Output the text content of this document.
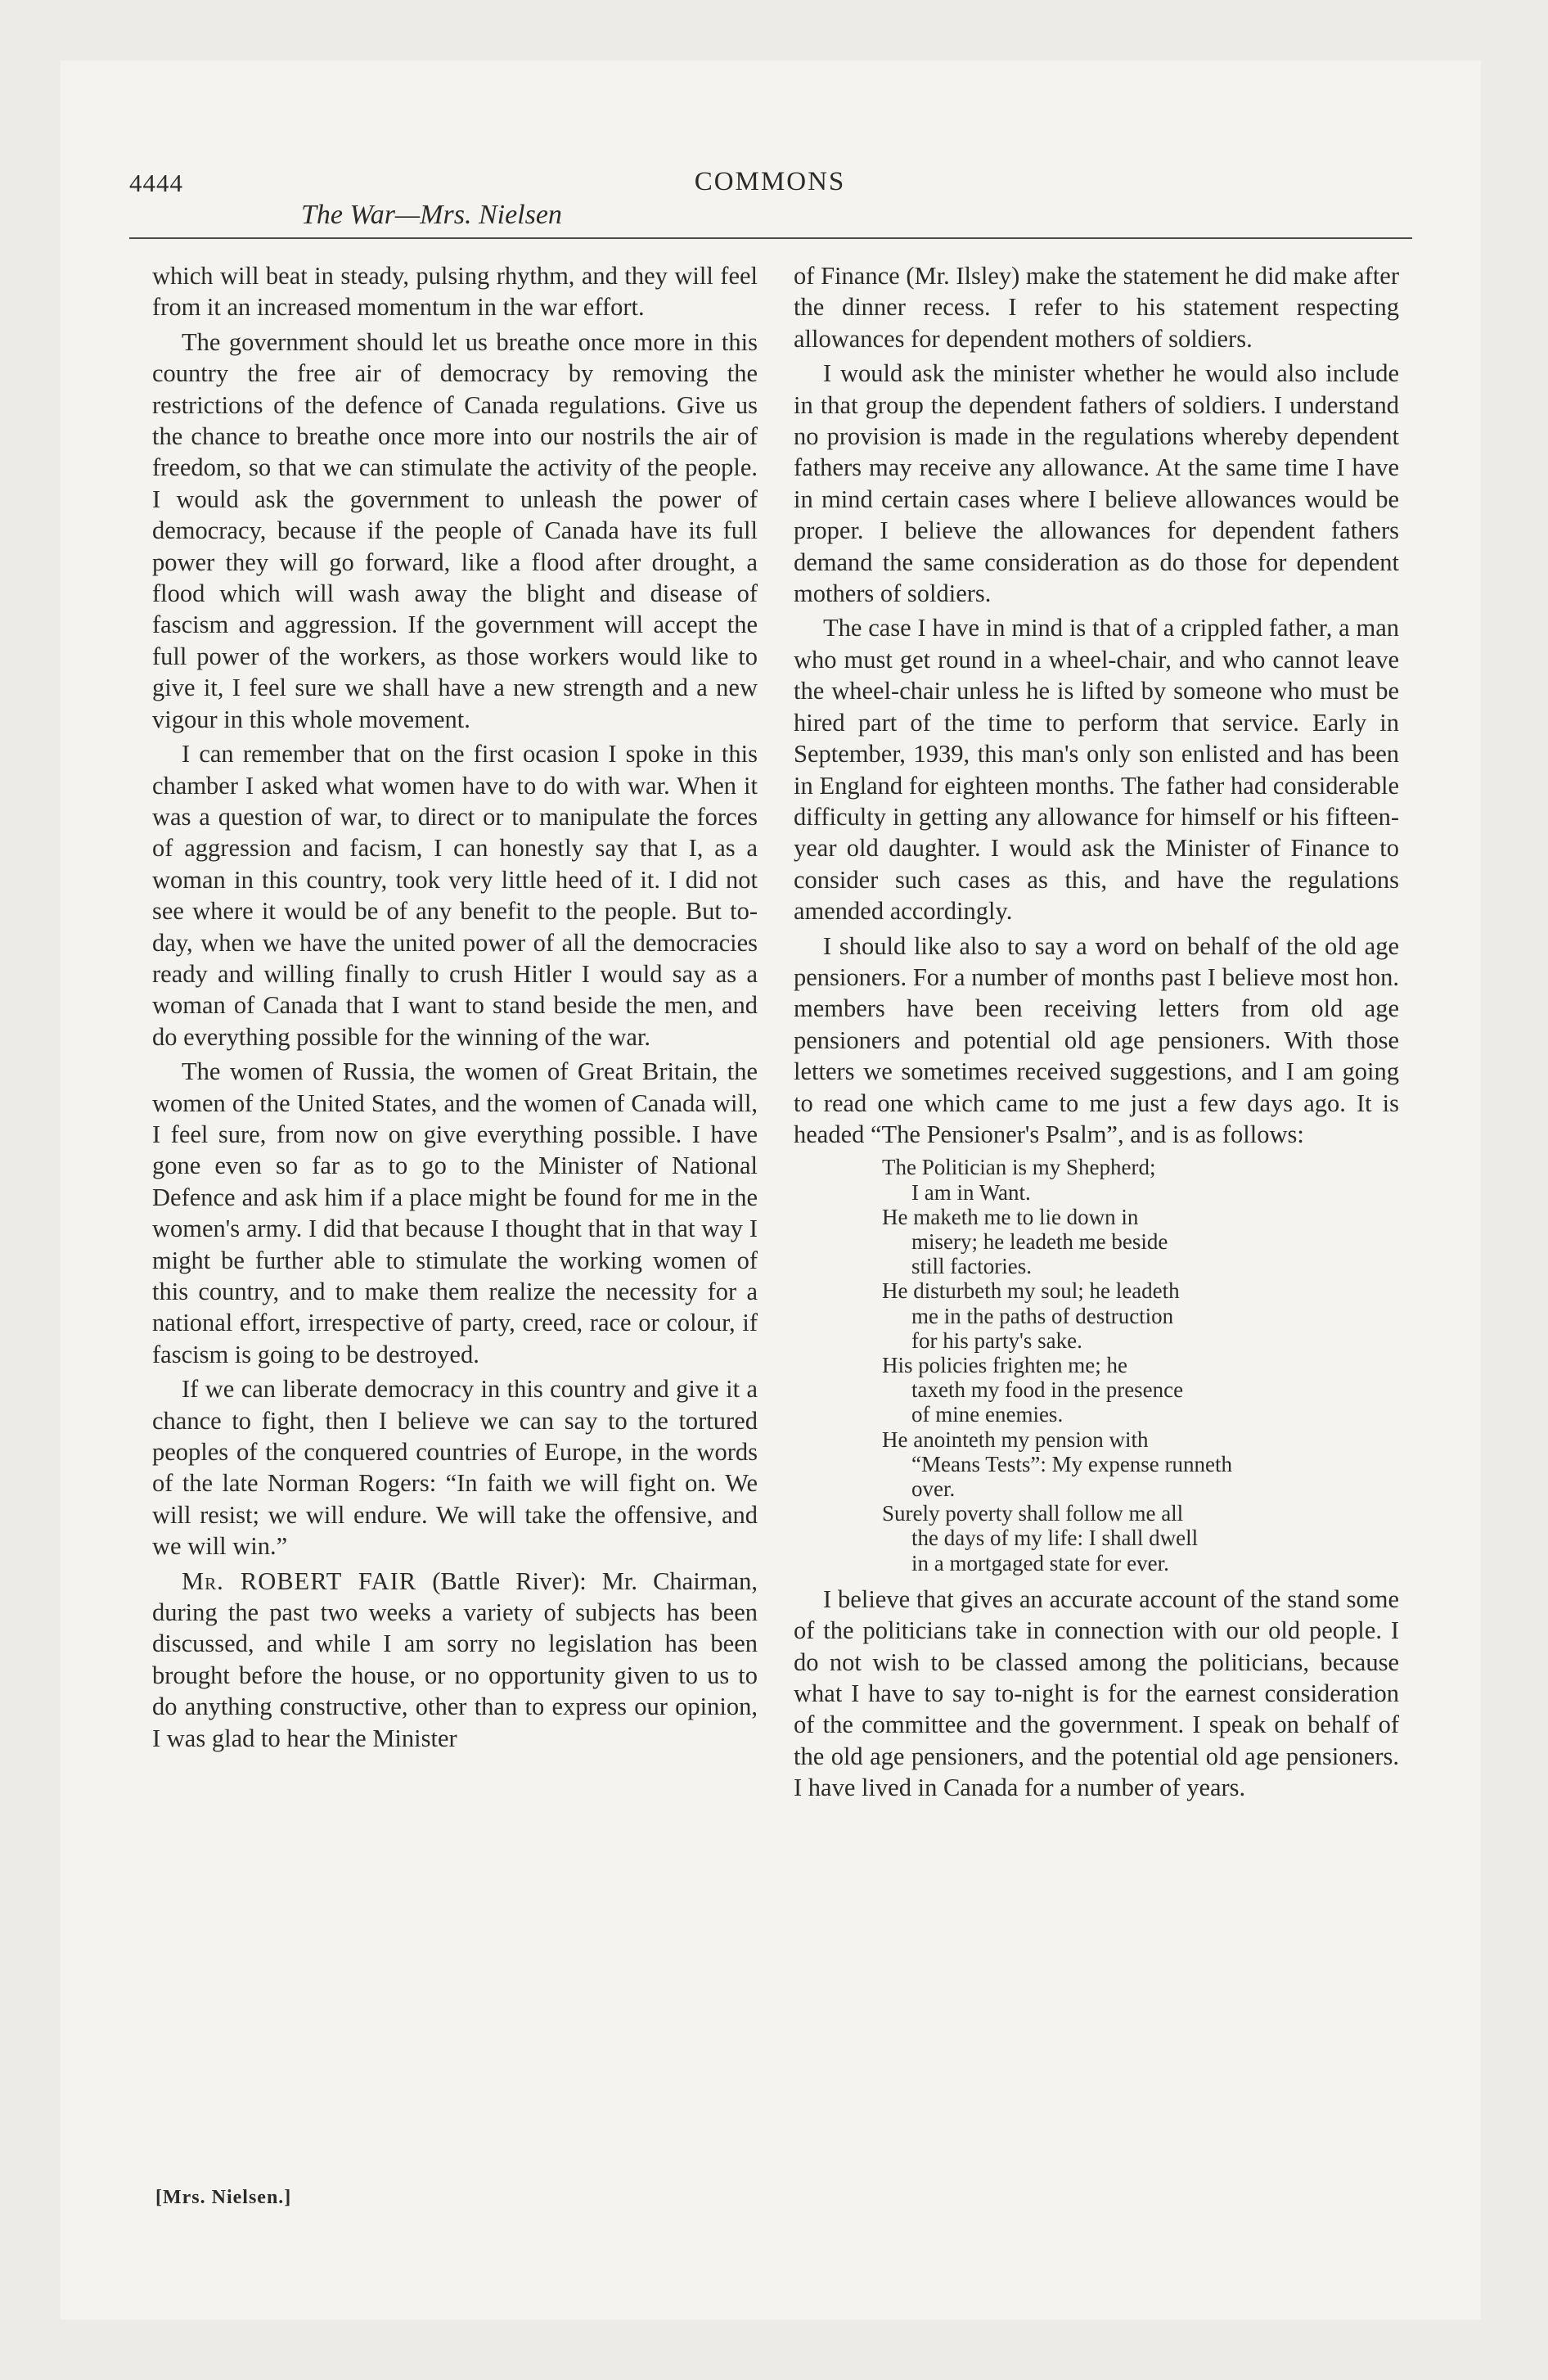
4444	COMMONS
The War—Mrs. Nielsen

which will beat in steady, pulsing rhythm, and they will feel from it an increased momentum in the war effort.

The government should let us breathe once more in this country the free air of democracy by removing the restrictions of the defence of Canada regulations. Give us the chance to breathe once more into our nostrils the air of freedom, so that we can stimulate the activity of the people. I would ask the government to unleash the power of democracy, because if the people of Canada have its full power they will go forward, like a flood after drought, a flood which will wash away the blight and disease of fascism and aggression. If the government will accept the full power of the workers, as those workers would like to give it, I feel sure we shall have a new strength and a new vigour in this whole movement.

I can remember that on the first ocasion I spoke in this chamber I asked what women have to do with war. When it was a question of war, to direct or to manipulate the forces of aggression and facism, I can honestly say that I, as a woman in this country, took very little heed of it. I did not see where it would be of any benefit to the people. But to-day, when we have the united power of all the democracies ready and willing finally to crush Hitler I would say as a woman of Canada that I want to stand beside the men, and do everything possible for the winning of the war.

The women of Russia, the women of Great Britain, the women of the United States, and the women of Canada will, I feel sure, from now on give everything possible. I have gone even so far as to go to the Minister of National Defence and ask him if a place might be found for me in the women's army. I did that because I thought that in that way I might be further able to stimulate the working women of this country, and to make them realize the necessity for a national effort, irrespective of party, creed, race or colour, if fascism is going to be destroyed.

If we can liberate democracy in this country and give it a chance to fight, then I believe we can say to the tortured peoples of the conquered countries of Europe, in the words of the late Norman Rogers: “In faith we will fight on. We will resist; we will endure. We will take the offensive, and we will win.”

Mr. ROBERT FAIR (Battle River): Mr. Chairman, during the past two weeks a variety of subjects has been discussed, and while I am sorry no legislation has been brought before the house, or no opportunity given to us to do anything constructive, other than to express our opinion, I was glad to hear the Minister

of Finance (Mr. Ilsley) make the statement he did make after the dinner recess. I refer to his statement respecting allowances for dependent mothers of soldiers.

I would ask the minister whether he would also include in that group the dependent fathers of soldiers. I understand no provision is made in the regulations whereby dependent fathers may receive any allowance. At the same time I have in mind certain cases where I believe allowances would be proper. I believe the allowances for dependent fathers demand the same consideration as do those for dependent mothers of soldiers.

The case I have in mind is that of a crippled father, a man who must get round in a wheel-chair, and who cannot leave the wheel-chair unless he is lifted by someone who must be hired part of the time to perform that service. Early in September, 1939, this man's only son enlisted and has been in England for eighteen months. The father had considerable difficulty in getting any allowance for himself or his fifteen-year old daughter. I would ask the Minister of Finance to consider such cases as this, and have the regulations amended accordingly.

I should like also to say a word on behalf of the old age pensioners. For a number of months past I believe most hon. members have been receiving letters from old age pensioners and potential old age pensioners. With those letters we sometimes received suggestions, and I am going to read one which came to me just a few days ago. It is headed “The Pensioner's Psalm”, and is as follows:

The Politician is my Shepherd;
I am in Want.
He maketh me to lie down in
misery; he leadeth me beside
still factories.
He disturbeth my soul; he leadeth
me in the paths of destruction
for his party's sake.
His policies frighten me; he
taxeth my food in the presence
of mine enemies.
He anointeth my pension with
“Means Tests”: My expense runneth
over.
Surely poverty shall follow me all
the days of my life: I shall dwell
in a mortgaged state for ever.

I believe that gives an accurate account of the stand some of the politicians take in connection with our old people. I do not wish to be classed among the politicians, because what I have to say to-night is for the earnest consideration of the committee and the government. I speak on behalf of the old age pensioners, and the potential old age pensioners. I have lived in Canada for a number of years.

[Mrs. Nielsen.]
